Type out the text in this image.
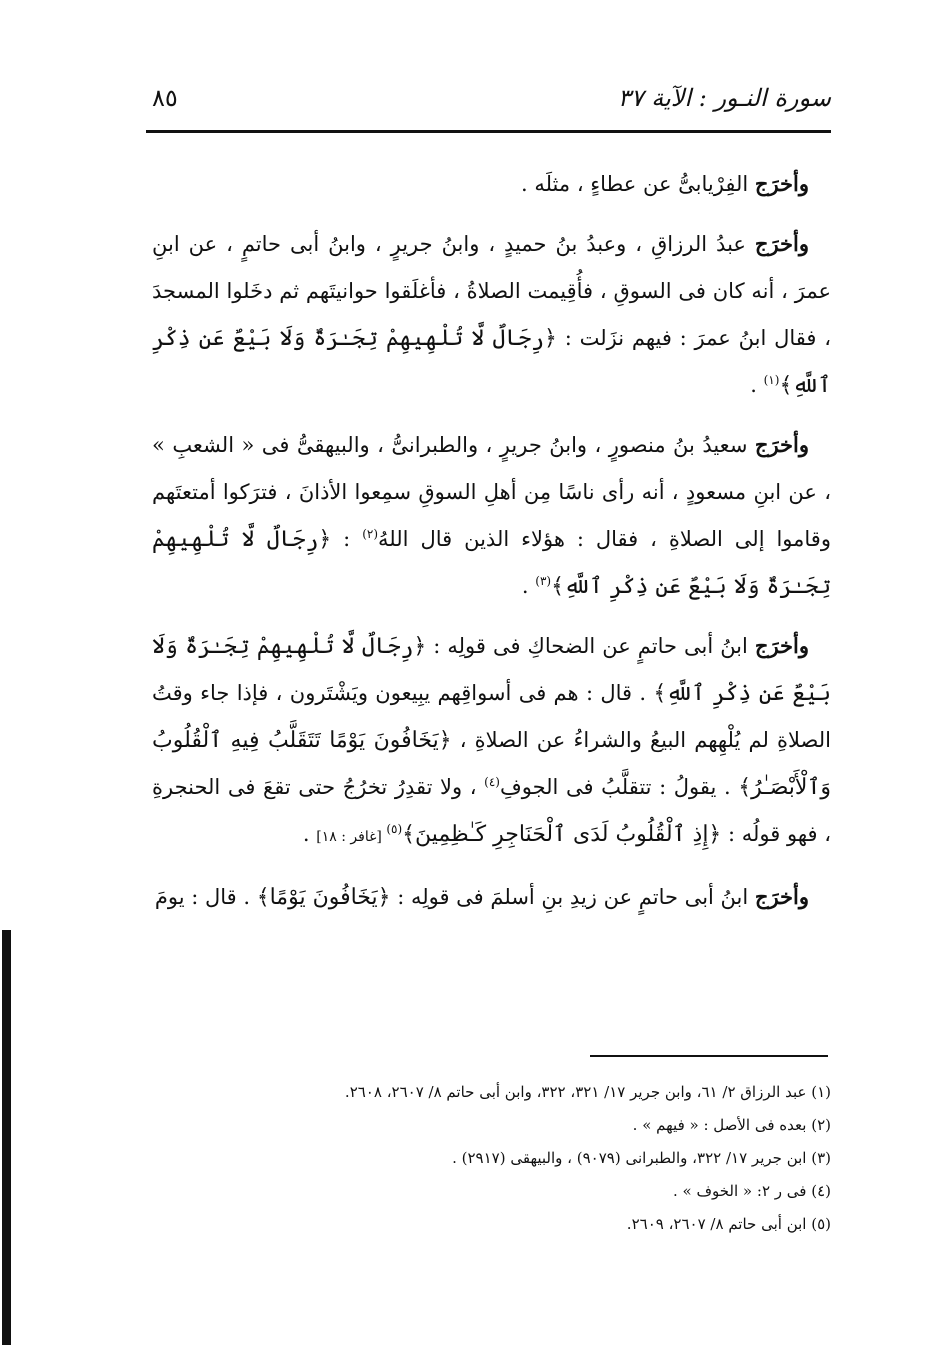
سورة النـور : الآية ٣٧
٨٥

وأخرَج الفِرْيابىُّ عن عطاءٍ ، مثلَه .

وأخرَج عبدُ الرزاقِ ، وعبدُ بنُ حميدٍ ، وابنُ جريرٍ ، وابنُ أبى حاتمٍ ، عن ابنِ عمرَ ، أنه كان فى السوقِ ، فأُقِيمت الصلاةُ ، فأغلَقوا حوانيتَهم ثم دخَلوا المسجدَ ، فقال ابنُ عمرَ : فيهم نزَلت : ﴿رِجَالٌ لَّا تُلْهِيهِمْ تِجَـٰرَةٌ وَلَا بَيْعٌ عَن ذِكْرِ ٱللَّهِ﴾$^{(١)}$ .

وأخرَج سعيدُ بنُ منصورٍ ، وابنُ جريرٍ ، والطبرانىُّ ، والبيهقىُّ فى « الشعبِ » ، عن ابنِ مسعودٍ ، أنه رأى ناسًا مِن أهلِ السوقِ سمِعوا الأذانَ ، فترَكوا أمتعتَهم وقاموا إلى الصلاةِ ، فقال : هؤلاء الذين قال اللهُ$^{(٢)}$ : ﴿رِجَالٌ لَّا تُلْهِيهِمْ تِجَـٰرَةٌ وَلَا بَيْعٌ عَن ذِكْرِ ٱللَّهِ﴾$^{(٣)}$ .

وأخرَج ابنُ أبى حاتمٍ عن الضحاكِ فى قولِه : ﴿رِجَالٌ لَّا تُلْهِيهِمْ تِجَـٰرَةٌ وَلَا بَيْعٌ عَن ذِكْرِ ٱللَّهِ﴾ . قال : هم فى أسواقِهم يبِيعون ويَشْتَرون ، فإذا جاء وقتُ الصلاةِ لم يُلْهِهم البيعُ والشراءُ عن الصلاةِ ، ﴿يَخَافُونَ يَوْمًا تَتَقَلَّبُ فِيهِ ٱلْقُلُوبُ وَٱلْأَبْصَـٰرُ﴾ . يقولُ : تتقلَّبُ فى الجوفِ$^{(٤)}$ ، ولا تقدِرُ تخرُجُ حتى تقعَ فى الحنجرةِ ، فهو قولُه : ﴿إِذِ ٱلْقُلُوبُ لَدَى ٱلْحَنَاجِرِ كَـٰظِمِينَ﴾$^{(٥)}$ [غافر : ١٨] .

وأخرَج ابنُ أبى حاتمٍ عن زيدِ بنِ أسلمَ فى قولِه : ﴿يَخَافُونَ يَوْمًا﴾ . قال : يومَ

(١) عبد الرزاق ٢/ ٦١، وابن جرير ١٧/ ٣٢١، ٣٢٢، وابن أبى حاتم ٨/ ٢٦٠٧، ٢٦٠٨.

(٢) بعده فى الأصل : « فيهم » .

(٣) ابن جرير ١٧/ ٣٢٢، والطبرانى (٩٠٧٩) ، والبيهقى (٢٩١٧) .

(٤) فى ر ٢: « الخوف » .

(٥) ابن أبى حاتم ٨/ ٢٦٠٧، ٢٦٠٩.
